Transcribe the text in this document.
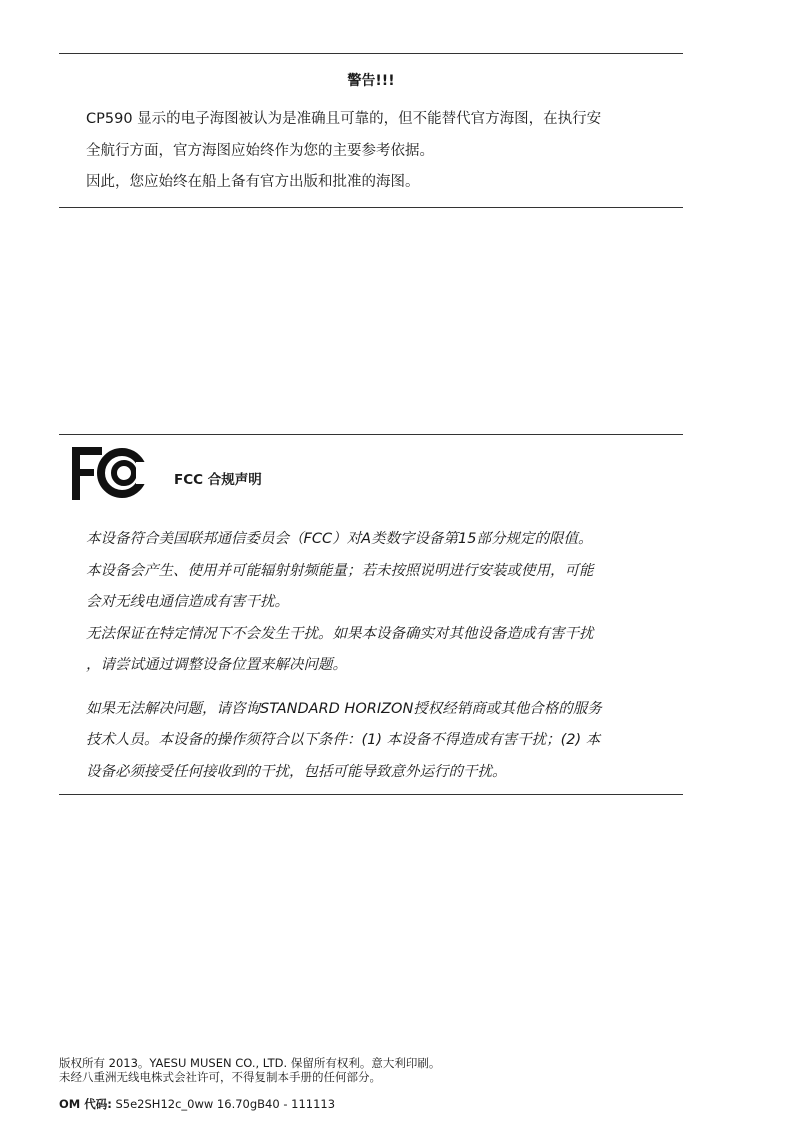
警告!!!
CP590 显示的电子海图被认为是准确且可靠的，但不能替代官方海图，在执行安
全航行方面，官方海图应始终作为您的主要参考依据。
因此，您应始终在船上备有官方出版和批准的海图。
FCC 合规声明
本设备符合美国联邦通信委员会（FCC）对A类数字设备第15部分规定的限值。
本设备会产生、使用并可能辐射射频能量；若未按照说明进行安装或使用，可能
会对无线电通信造成有害干扰。
无法保证在特定情况下不会发生干扰。如果本设备确实对其他设备造成有害干扰
，请尝试通过调整设备位置来解决问题。
如果无法解决问题，请咨询STANDARD HORIZON授权经销商或其他合格的服务
技术人员。本设备的操作须符合以下条件：(1) 本设备不得造成有害干扰；(2) 本
设备必须接受任何接收到的干扰，包括可能导致意外运行的干扰。
版权所有 2013。YAESU MUSEN CO., LTD. 保留所有权利。意大利印刷。
未经八重洲无线电株式会社许可，不得复制本手册的任何部分。
OM 代码: S5e2SH12c_0ww 16.70gB40 - 111113
